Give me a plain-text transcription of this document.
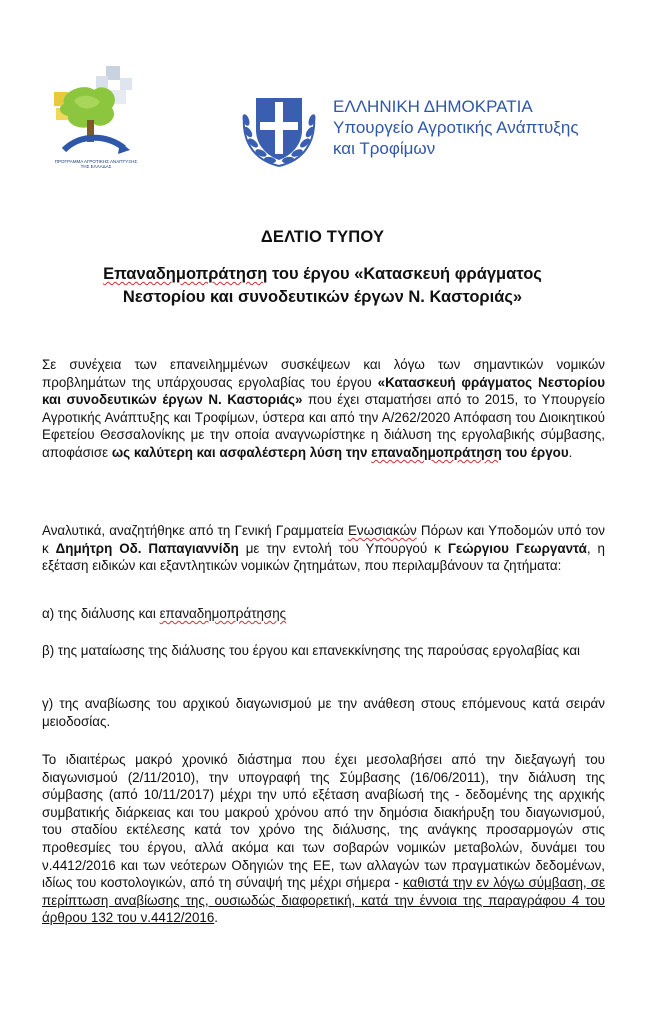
ΠΡΟΓΡΑΜΜΑ ΑΓΡΟΤΙΚΗΣ ΑΝΑΠΤΥΞΗΣ
ΤΗΣ ΕΛΛΑΔΑΣ
ΕΛΛΗΝΙΚΗ ΔΗΜΟΚΡΑΤΙΑ
Υπουργείο Αγροτικής Ανάπτυξης
και Τροφίμων
ΔΕΛΤΙΟ ΤΥΠΟΥ
Επαναδημοπράτηση του έργου «Κατασκευή φράγματος
Νεστορίου και συνοδευτικών έργων Ν. Καστοριάς»
Σε συνέχεια των επανειλημμένων συσκέψεων και λόγω των σημαντικών νομικών προβλημάτων της υπάρχουσας εργολαβίας του έργου «Κατασκευή φράγματος Νεστορίου και συνοδευτικών έργων Ν. Καστοριάς» που έχει σταματήσει από το 2015, το Υπουργείο Αγροτικής Ανάπτυξης και Τροφίμων, ύστερα και από την Α/262/2020 Απόφαση του Διοικητικού Εφετείου Θεσσαλονίκης με την οποία αναγνωρίστηκε η διάλυση της εργολαβικής σύμβασης, αποφάσισε ως καλύτερη και ασφαλέστερη λύση την επαναδημοπράτηση του έργου.
Αναλυτικά, αναζητήθηκε από τη Γενική Γραμματεία Ενωσιακών Πόρων και Υποδομών υπό τον κ Δημήτρη Οδ. Παπαγιαννίδη με την εντολή του Υπουργού κ Γεώργιου Γεωργαντά, η εξέταση ειδικών και εξαντλητικών νομικών ζητημάτων, που περιλαμβάνουν τα ζητήματα:
α) της διάλυσης και επαναδημοπράτησης
β) της ματαίωσης της διάλυσης του έργου και επανεκκίνησης της παρούσας εργολαβίας και
γ) της αναβίωσης του αρχικού διαγωνισμού με την ανάθεση στους επόμενους κατά σειράν μειοδοσίας.
Το ιδιαιτέρως μακρό χρονικό διάστημα που έχει μεσολαβήσει από την διεξαγωγή του διαγωνισμού (2/11/2010), την υπογραφή της Σύμβασης (16/06/2011), την διάλυση της σύμβασης (από 10/11/2017) μέχρι την υπό εξέταση αναβίωσή της - δεδομένης της αρχικής συμβατικής διάρκειας και του μακρού χρόνου από την δημόσια διακήρυξη του διαγωνισμού, του σταδίου εκτέλεσης κατά τον χρόνο της διάλυσης, της ανάγκης προσαρμογών στις προθεσμίες του έργου, αλλά ακόμα και των σοβαρών νομικών μεταβολών, δυνάμει του ν.4412/2016 και των νεότερων Οδηγιών της ΕΕ, των αλλαγών των πραγματικών δεδομένων, ιδίως του κοστολογικών, από τη σύναψή της μέχρι σήμερα - καθιστά την εν λόγω σύμβαση, σε περίπτωση αναβίωσης της, ουσιωδώς διαφορετική, κατά την έννοια της παραγράφου 4 του άρθρου 132 του ν.4412/2016.
